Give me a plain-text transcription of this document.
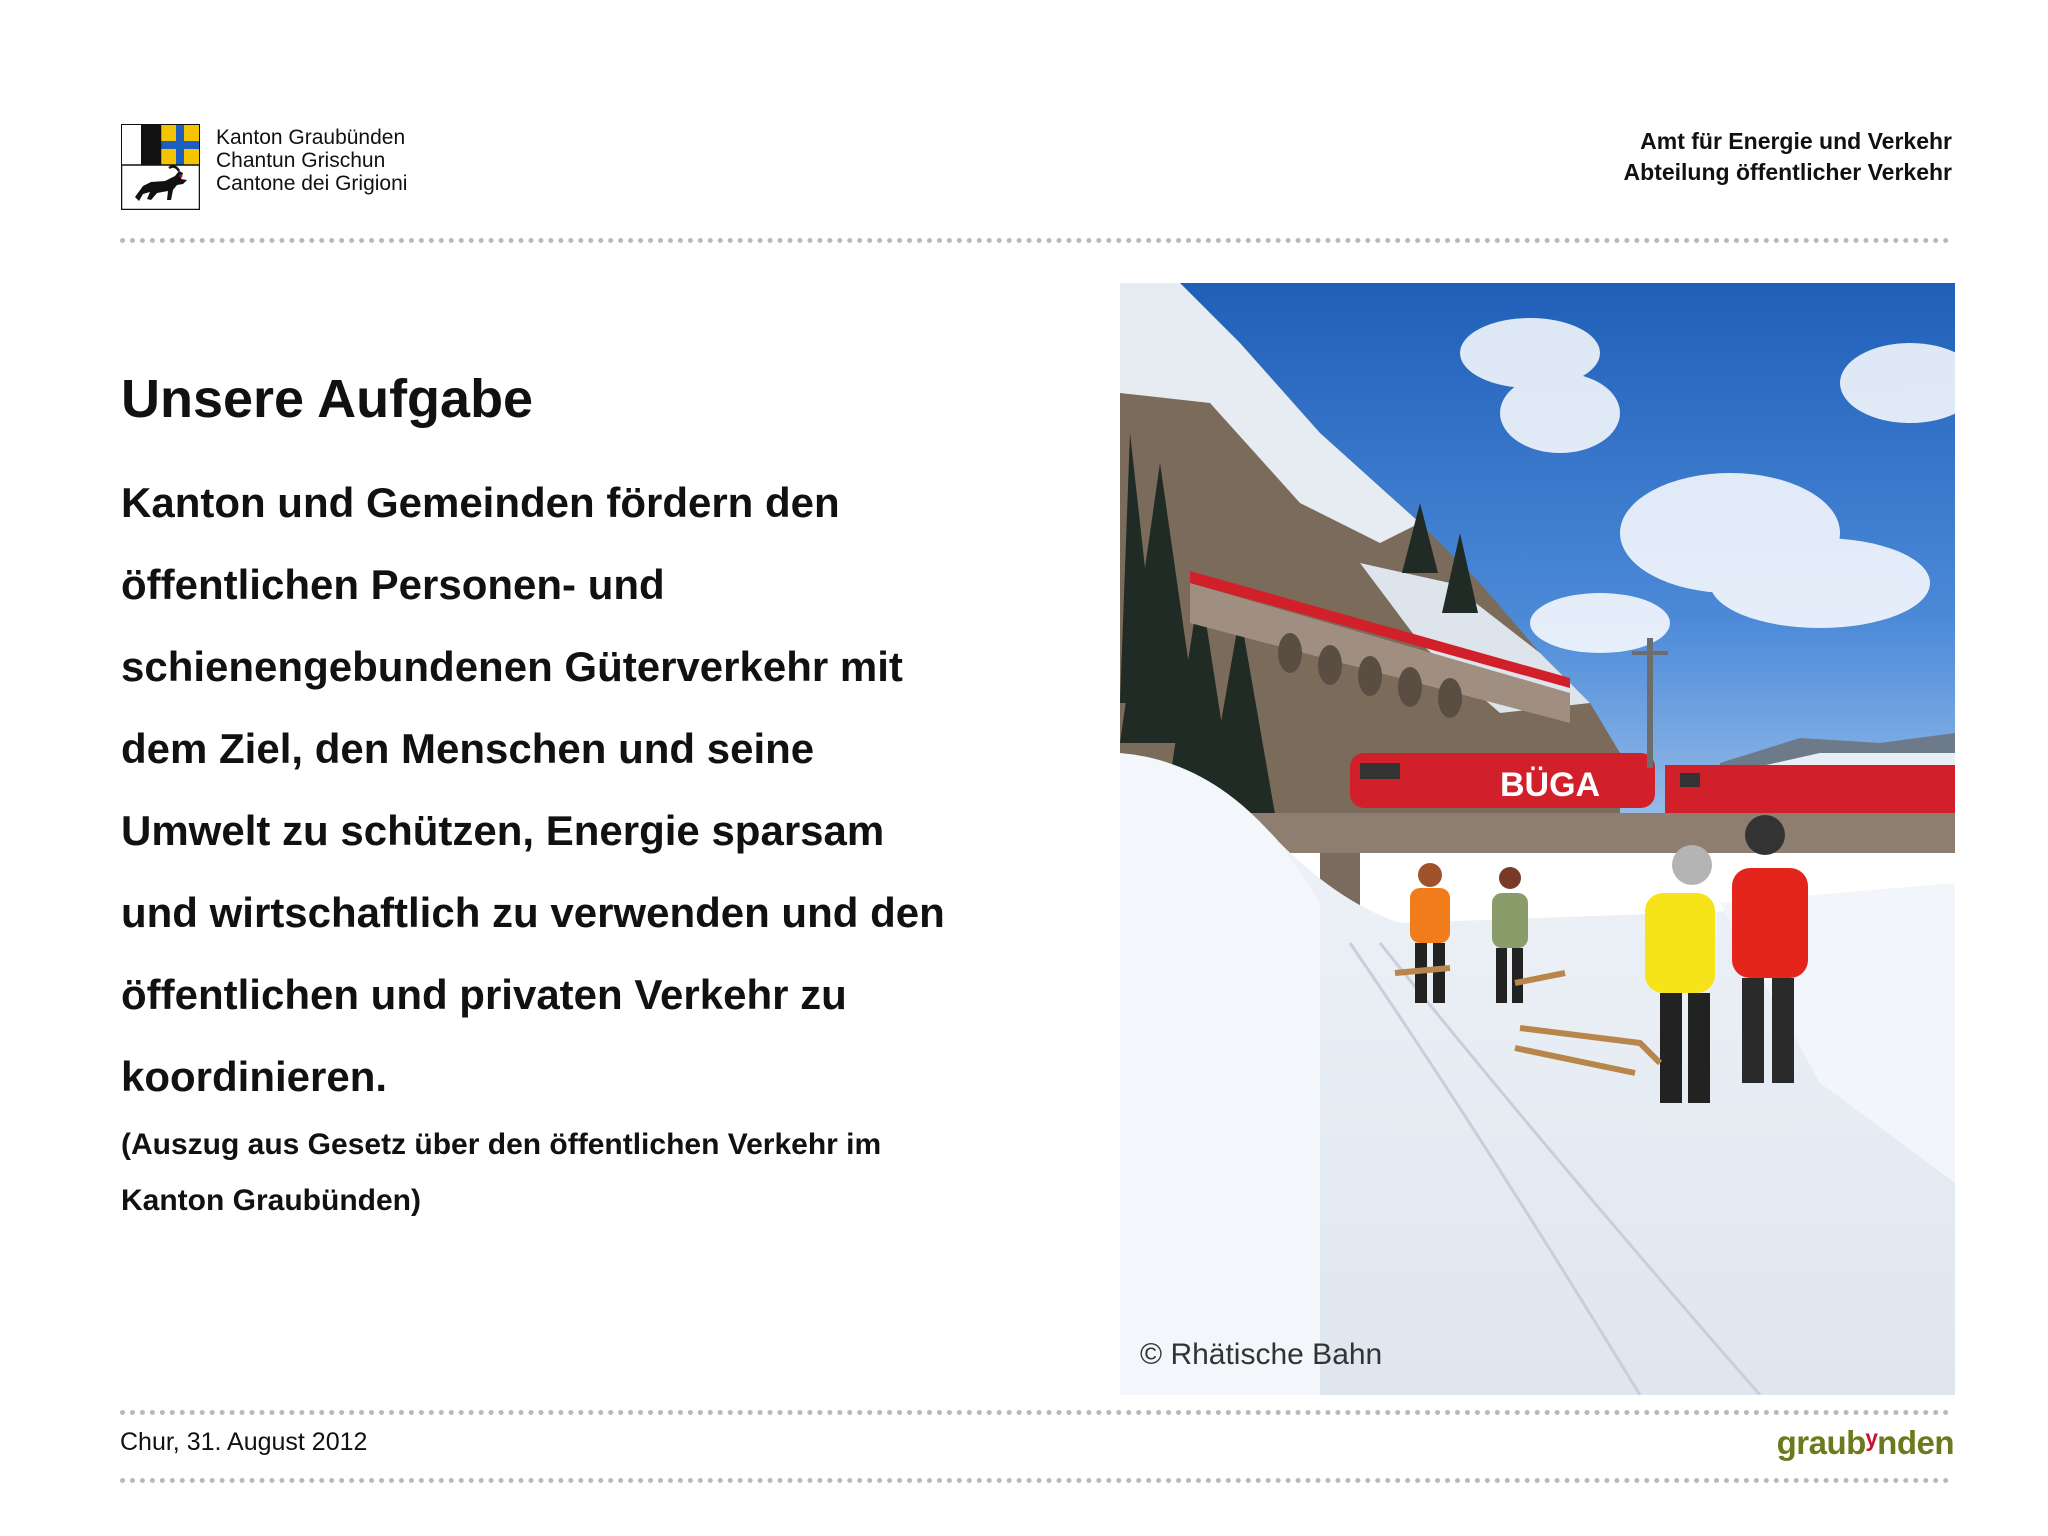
Kanton Graubünden
Chantun Grischun
Cantone dei Grigioni
Amt für Energie und Verkehr
Abteilung öffentlicher Verkehr
Unsere Aufgabe
Kanton und Gemeinden fördern den
öffentlichen Personen- und
schienengebundenen Güterverkehr mit
dem Ziel, den Menschen und seine
Umwelt zu schützen, Energie sparsam
und wirtschaftlich zu verwenden und den
öffentlichen und privaten Verkehr zu
koordinieren.
(Auszug aus Gesetz über den öffentlichen Verkehr im
Kanton Graubünden)
BÜGA
© Rhätische Bahn
Chur, 31. August 2012	graubʸnden
